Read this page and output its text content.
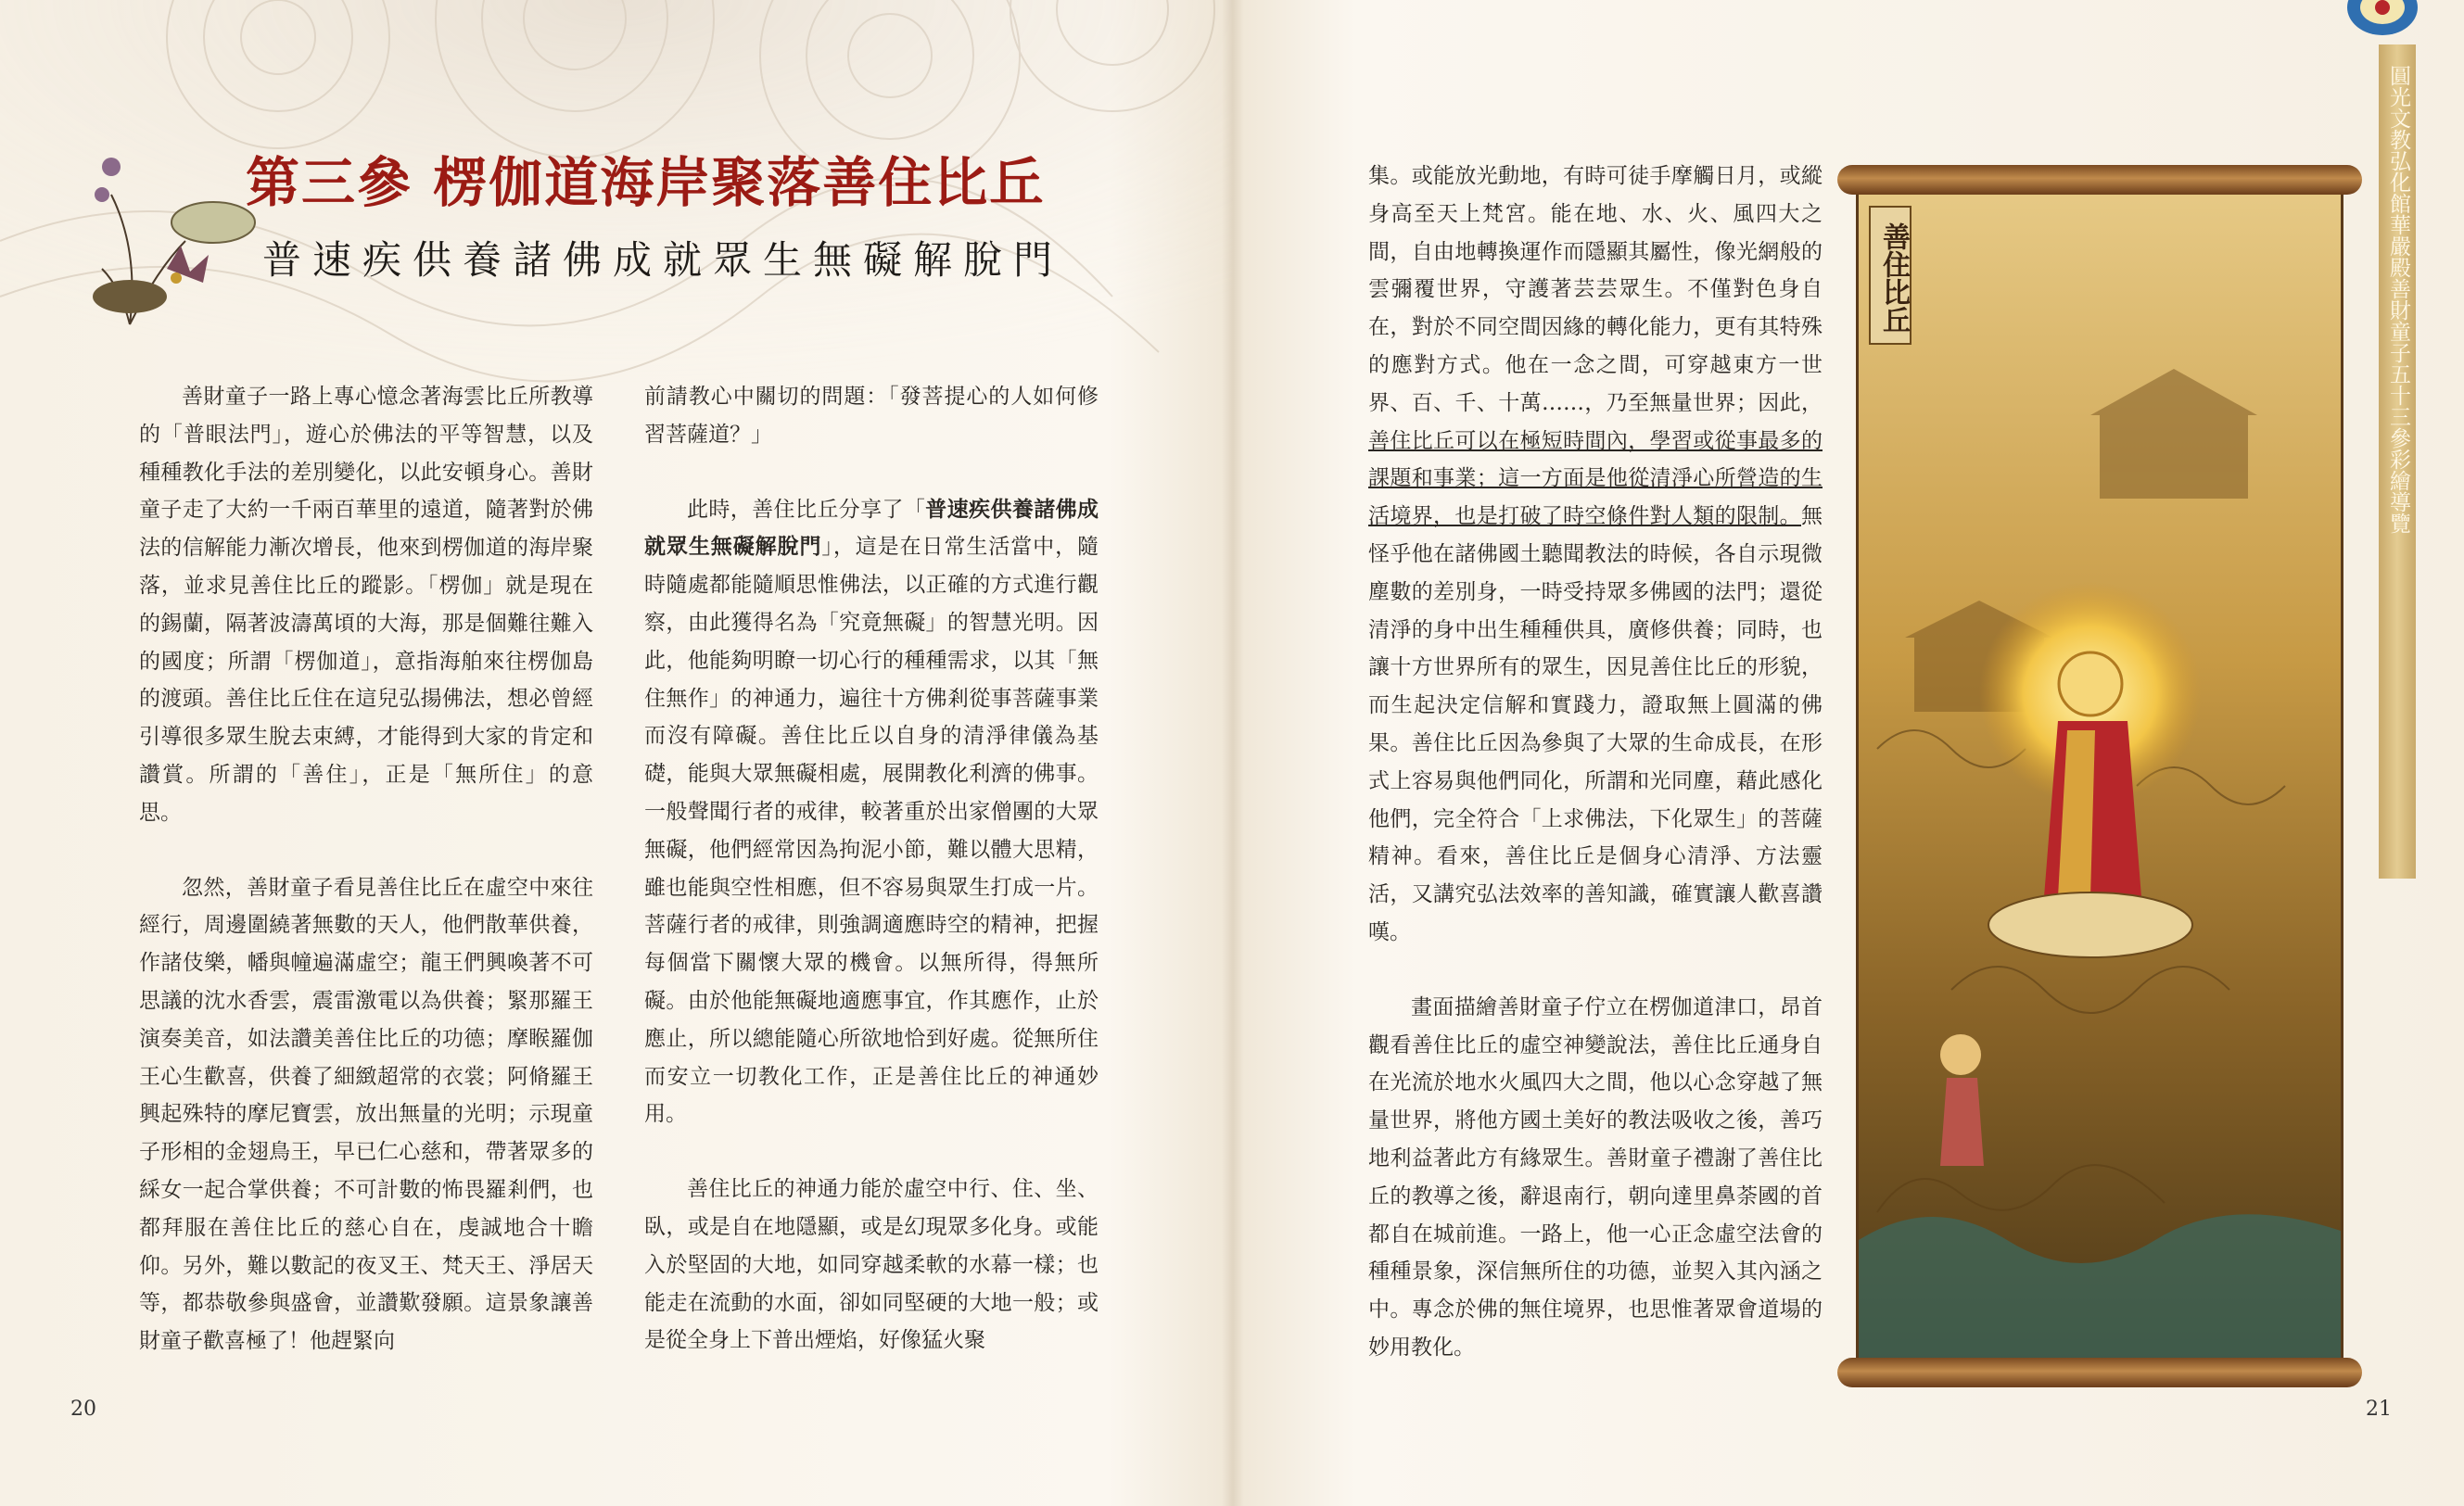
第三參 楞伽道海岸聚落善住比丘
普速疾供養諸佛成就眾生無礙解脫門

善財童子一路上專心憶念著海雲比丘所教導的「普眼法門」，遊心於佛法的平等智慧，以及種種教化手法的差別變化，以此安頓身心。善財童子走了大約一千兩百華里的遠道，隨著對於佛法的信解能力漸次增長，他來到楞伽道的海岸聚落，並求見善住比丘的蹤影。「楞伽」就是現在的錫蘭，隔著波濤萬頃的大海，那是個難往難入的國度；所謂「楞伽道」，意指海舶來往楞伽島的渡頭。善住比丘住在這兒弘揚佛法，想必曾經引導很多眾生脫去束縛，才能得到大家的肯定和讚賞。所謂的「善住」，正是「無所住」的意思。

忽然，善財童子看見善住比丘在虛空中來往經行，周邊圍繞著無數的天人，他們散華供養，作諸伎樂，幡與幢遍滿虛空；龍王們興喚著不可思議的沈水香雲，震雷激電以為供養；緊那羅王演奏美音，如法讚美善住比丘的功德；摩睺羅伽王心生歡喜，供養了細緻超常的衣裳；阿脩羅王興起殊特的摩尼寶雲，放出無量的光明；示現童子形相的金翅鳥王，早已仁心慈和，帶著眾多的綵女一起合掌供養；不可計數的怖畏羅剎們，也都拜服在善住比丘的慈心自在，虔誠地合十瞻仰。另外，難以數記的夜叉王、梵天王、淨居天等，都恭敬參與盛會，並讚歎發願。這景象讓善財童子歡喜極了！他趕緊向

前請教心中關切的問題：「發菩提心的人如何修習菩薩道？」

此時，善住比丘分享了「普速疾供養諸佛成就眾生無礙解脫門」，這是在日常生活當中，隨時隨處都能隨順思惟佛法，以正確的方式進行觀察，由此獲得名為「究竟無礙」的智慧光明。因此，他能夠明瞭一切心行的種種需求，以其「無住無作」的神通力，遍往十方佛剎從事菩薩事業而沒有障礙。善住比丘以自身的清淨律儀為基礎，能與大眾無礙相處，展開教化利濟的佛事。一般聲聞行者的戒律，較著重於出家僧團的大眾無礙，他們經常因為拘泥小節，難以體大思精，雖也能與空性相應，但不容易與眾生打成一片。菩薩行者的戒律，則強調適應時空的精神，把握每個當下關懷大眾的機會。以無所得，得無所礙。由於他能無礙地適應事宜，作其應作，止於應止，所以總能隨心所欲地恰到好處。從無所住而安立一切教化工作，正是善住比丘的神通妙用。

善住比丘的神通力能於虛空中行、住、坐、臥，或是自在地隱顯，或是幻現眾多化身。或能入於堅固的大地，如同穿越柔軟的水幕一樣；也能走在流動的水面，卻如同堅硬的大地一般；或是從全身上下普出煙焰，好像猛火聚

20

集。或能放光動地，有時可徒手摩觸日月，或縱身高至天上梵宮。能在地、水、火、風四大之間，自由地轉換運作而隱顯其屬性，像光網般的雲彌覆世界，守護著芸芸眾生。不僅對色身自在，對於不同空間因緣的轉化能力，更有其特殊的應對方式。他在一念之間，可穿越東方一世界、百、千、十萬……，乃至無量世界；因此，善住比丘可以在極短時間內，學習或從事最多的課題和事業；這一方面是他從清淨心所營造的生活境界，也是打破了時空條件對人類的限制。無怪乎他在諸佛國土聽聞教法的時候，各自示現微塵數的差別身，一時受持眾多佛國的法門；還從清淨的身中出生種種供具，廣修供養；同時，也讓十方世界所有的眾生，因見善住比丘的形貌，而生起決定信解和實踐力，證取無上圓滿的佛果。善住比丘因為參與了大眾的生命成長，在形式上容易與他們同化，所謂和光同塵，藉此感化他們，完全符合「上求佛法，下化眾生」的菩薩精神。看來，善住比丘是個身心清淨、方法靈活，又講究弘法效率的善知識，確實讓人歡喜讚嘆。

畫面描繪善財童子佇立在楞伽道津口，昂首觀看善住比丘的虛空神變說法，善住比丘通身自在光流於地水火風四大之間，他以心念穿越了無量世界，將他方國土美好的教法吸收之後，善巧地利益著此方有緣眾生。善財童子禮謝了善住比丘的教導之後，辭退南行，朝向達里鼻荼國的首都自在城前進。一路上，他一心正念虛空法會的種種景象，深信無所住的功德，並契入其內涵之中。專念於佛的無住境界，也思惟著眾會道場的妙用教化。

21
善住比丘	圓光文教弘化館華嚴殿善財童子五十三參彩繪導覽
